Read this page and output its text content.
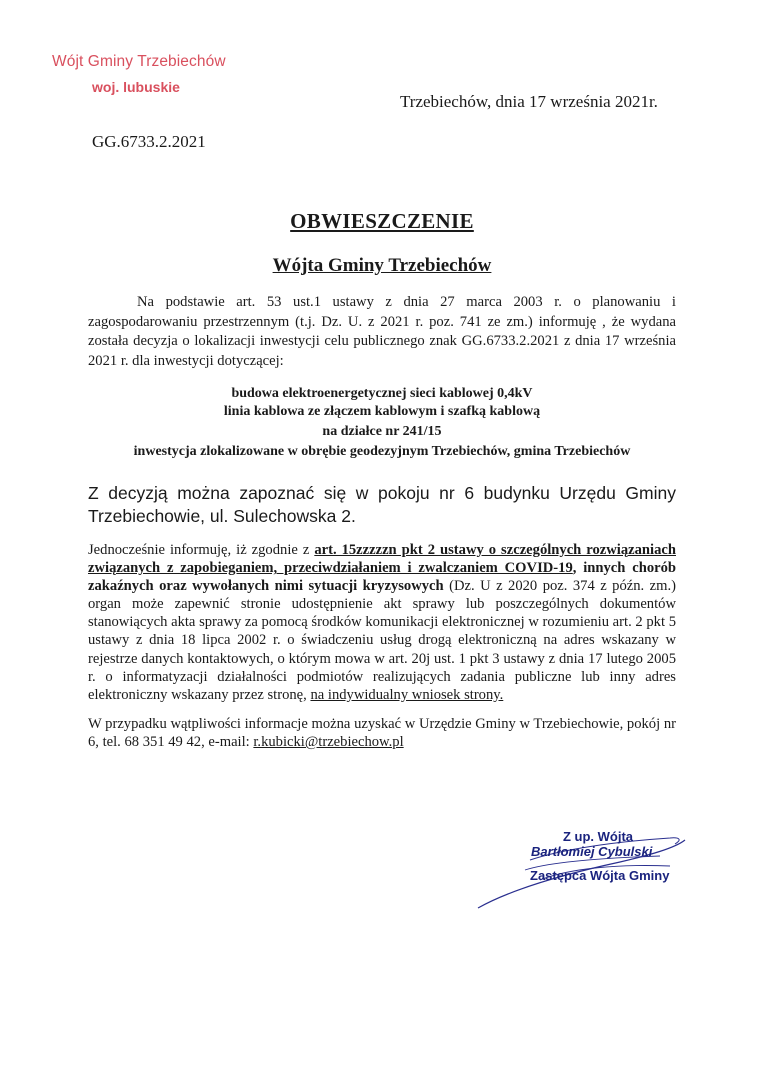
Wójt Gminy Trzebiechów
woj. lubuskie
Trzebiechów, dnia 17 września 2021r.
GG.6733.2.2021
OBWIESZCZENIE
Wójta Gminy Trzebiechów

Na podstawie art. 53 ust.1 ustawy z dnia 27 marca 2003 r. o planowaniu i zagospodarowaniu przestrzennym (t.j. Dz. U. z 2021 r. poz. 741 ze zm.) informuję , że wydana została decyzja o lokalizacji inwestycji celu publicznego znak GG.6733.2.2021 z dnia 17 września 2021 r. dla inwestycji dotyczącej:

budowa elektroenergetycznej sieci kablowej 0,4kV
linia kablowa ze złączem kablowym i szafką kablową
na działce nr 241/15
inwestycja zlokalizowane w obrębie geodezyjnym Trzebiechów, gmina Trzebiechów

Z decyzją można zapoznać się w pokoju nr 6 budynku Urzędu Gminy Trzebiechowie, ul. Sulechowska 2.

Jednocześnie informuję, iż zgodnie z art. 15zzzzzn pkt 2 ustawy o szczególnych rozwiązaniach związanych z zapobieganiem, przeciwdziałaniem i zwalczaniem COVID-19, innych chorób zakaźnych oraz wywołanych nimi sytuacji kryzysowych (Dz. U z 2020 poz. 374 z późn. zm.) organ może zapewnić stronie udostępnienie akt sprawy lub poszczególnych dokumentów stanowiących akta sprawy za pomocą środków komunikacji elektronicznej w rozumieniu art. 2 pkt 5 ustawy z dnia 18 lipca 2002 r. o świadczeniu usług drogą elektroniczną na adres wskazany w rejestrze danych kontaktowych, o którym mowa w art. 20j ust. 1 pkt 3 ustawy z dnia 17 lutego 2005 r. o informatyzacji działalności podmiotów realizujących zadania publiczne lub inny adres elektroniczny wskazany przez stronę, na indywidualny wniosek strony.

W przypadku wątpliwości informacje można uzyskać w Urzędzie Gminy w Trzebiechowie, pokój nr 6, tel. 68 351 49 42, e-mail: r.kubicki@trzebiechow.pl

Z up. Wójta
Bartłomiej Cybulski
Zastępca Wójta Gminy
